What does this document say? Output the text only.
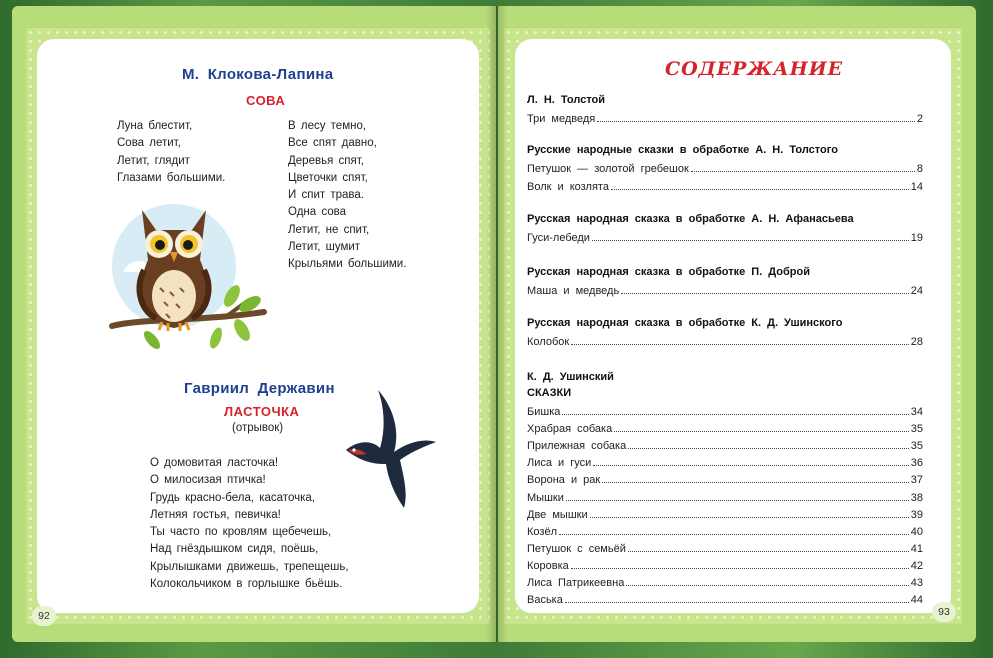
М. Клокова-Лапина
СОВА
Луна блестит,
Сова летит,
Летит, глядит
Глазами большими.
В лесу темно,
Все спят давно,
Деревья спят,
Цветочки спят,
И спит трава.
Одна сова
Летит, не спит,
Летит, шумит
Крыльями большими.
Гавриил Державин
ЛАСТОЧКА
(отрывок)
О домовитая ласточка!
О милосизая птичка!
Грудь красно-бела, касаточка,
Летняя гостья, певичка!
Ты часто по кровлям щебечешь,
Над гнёздышком сидя, поёшь,
Крылышками движешь, трепещешь,
Колокольчиком в горлышке бьёшь.
92
СОДЕРЖАНИЕ
Л. Н. Толстой
Три медведя	2
Русские народные сказки в обработке А. Н. Толстого
Петушок — золотой гребешок	8
Волк и козлята	14
Русская народная сказка в обработке А. Н. Афанасьева
Гуси-лебеди	19
Русская народная сказка в обработке П. Доброй
Маша и медведь	24
Русская народная сказка в обработке К. Д. Ушинского
Колобок	28
К. Д. Ушинский
СКАЗКИ
Бишка	34
Храбрая собака	35
Прилежная собака	35
Лиса и гуси	36
Ворона и рак	37
Мышки	38
Две мышки	39
Козёл	40
Петушок с семьёй	41
Коровка	42
Лиса Патрикеевна	43
Васька	44
93
